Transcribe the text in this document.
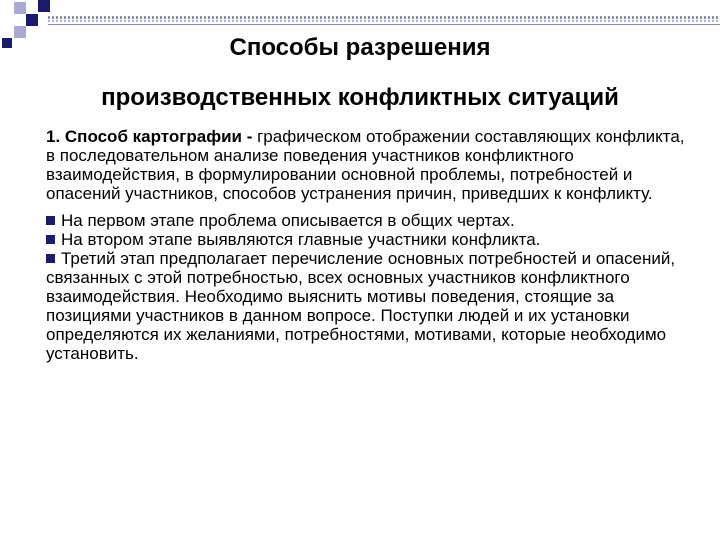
Способы разрешения
производственных конфликтных ситуаций

1. Способ картографии - графическом отображении составляющих конфликта, в последовательном анализе поведения участников конфликтного взаимодействия, в формулировании основной проблемы, потребностей и опасений участников, способов устранения причин, приведших к конфликту.

На первом этапе проблема описывается в общих чертах.

На втором этапе выявляются главные участники конфликта.

Третий этап предполагает перечисление основных потребностей и опасений, связанных с этой потребностью, всех основных участников конфликтного взаимодействия. Необходимо выяснить мотивы поведения, стоящие за позициями участников в данном вопросе. Поступки людей и их установки определяются их желаниями, потребностями, мотивами, которые необходимо установить.
